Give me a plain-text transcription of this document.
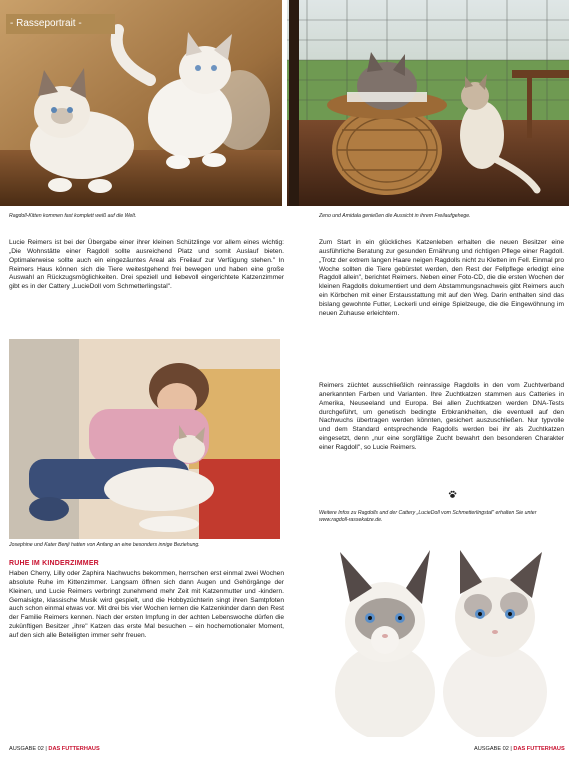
- Rasseportrait -
Ragdoll-Kitten kommen fast komplett weiß auf die Welt.	Zeno und Amidala genießen die Aussicht in ihrem Freilaufgehege.

Lucie Reimers ist bei der Übergabe einer ihrer kleinen Schützlinge vor allem eines wichtig: „Die Wohnstätte einer Ragdoll sollte ausreichend Platz und somit Auslauf bieten. Optimalerweise sollte auch ein eingezäuntes Areal als Freilauf zur Verfügung stehen." In Reimers Haus können sich die Tiere weitestgehend frei bewegen und haben eine große Auswahl an Rückzugsmöglichkeiten. Drei speziell und liebevoll eingerichtete Katzenzimmer gibt es in der Cattery „LucieDoll vom Schmetterlingstal".

Josephine und Kater Benji hatten von Anfang an eine besonders innige Beziehung.
RUHE IM KINDERZIMMER

Haben Cherry, Lilly oder Zaphira Nachwuchs bekommen, herrschen erst einmal zwei Wochen absolute Ruhe im Kittenzimmer. Langsam öffnen sich dann Augen und Gehörgänge der Kleinen, und Lucie Reimers verbringt zunehmend mehr Zeit mit Katzenmutter und -kindern. Gemalsigte, klassische Musik wird gespielt, und die Hobbyzüchterin singt ihren Samtpfoten auch schon einmal etwas vor. Mit drei bis vier Wochen lernen die Katzenkinder dann den Rest der Familie Reimers kennen. Nach der ersten Impfung in der achten Lebenswoche dürfen die zukünftigen Besitzer „ihre" Katzen das erste Mal besuchen – ein hochemotionaler Moment, auf den sich alle Beteiligten immer sehr freuen.

Zum Start in ein glückliches Katzenleben erhalten die neuen Besitzer eine ausführliche Beratung zur gesunden Ernährung und richtigen Pflege einer Ragdoll. „Trotz der extrem langen Haare neigen Ragdolls nicht zu Kletten im Fell. Einmal pro Woche sollten die Tiere gebürstet werden, den Rest der Fellpflege erledigt eine Ragdoll allein", berichtet Reimers. Neben einer Foto-CD, die die ersten Wochen der kleinen Ragdolls dokumentiert und dem Abstammungsnachweis gibt Reimers auch ein Körbchen mit einer Erstausstattung mit auf den Weg. Darin enthalten sind das bislang gewohnte Futter, Leckerli und einige Spielzeuge, die die Eingewöhnung im neuen Zuhause erleichtern.

Reimers züchtet ausschließlich reinrassige Ragdolls in den vom Zuchtverband anerkannten Farben und Varianten. Ihre Zuchtkatzen stammen aus Catteries in Amerika, Neuseeland und Europa. Bei allen Zuchtkatzen werden DNA-Tests durchgeführt, um genetisch bedingte Erbkrankheiten, die eventuell auf den Nachwuchs übertragen werden könnten, gesichert auszuschließen. Nur typvolle und dem Standard entsprechende Ragdolls werden bei ihr als Zuchtkatzen eingesetzt, denn „nur eine sorgfältige Zucht bewahrt den besonderen Charakter einer Ragdoll", so Lucie Reimers.

Weitere Infos zu Ragdolls und der Cattery „LucieDoll vom Schmetterlingstal" erhalten Sie unter www.ragdoll-rassekatze.de.
AUSGABE 02 | DAS FUTTERHAUS	AUSGABE 02 | DAS FUTTERHAUS
